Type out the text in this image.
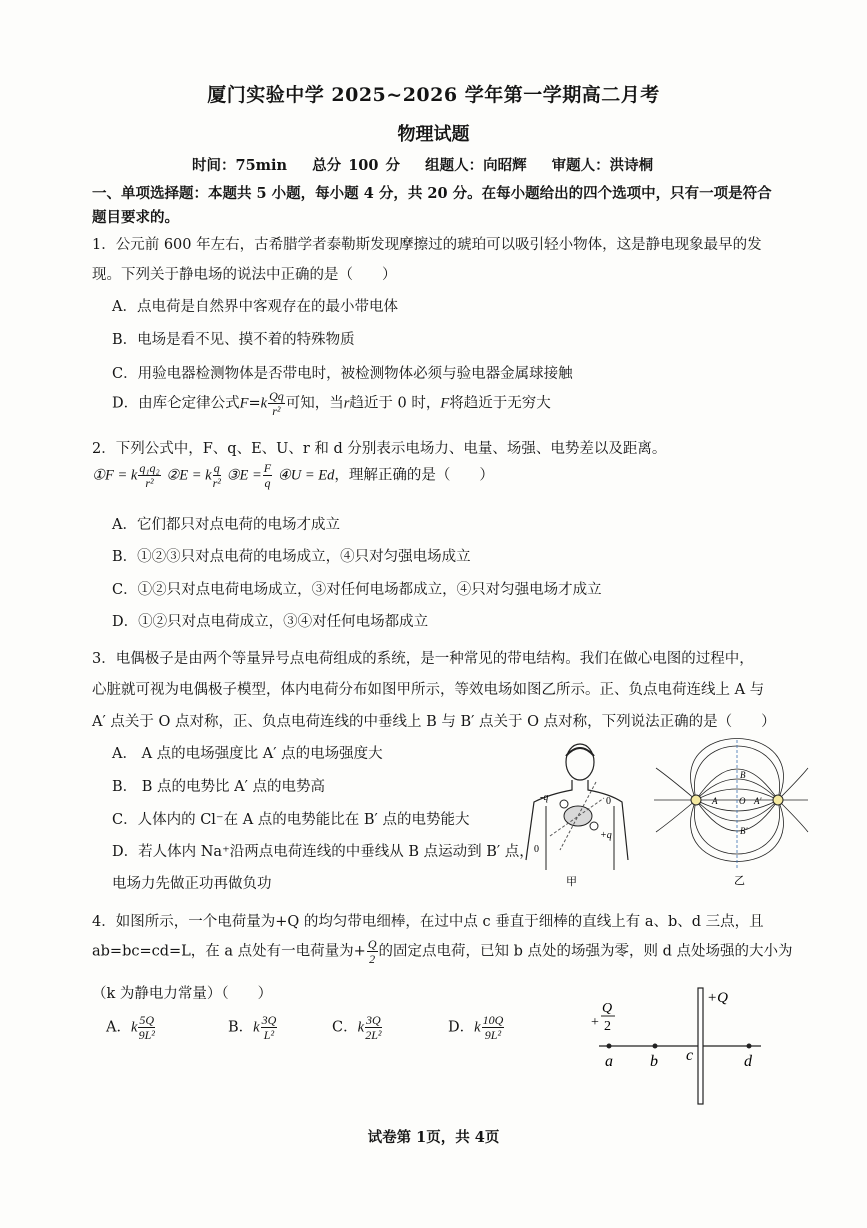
厦门实验中学 2025~2026 学年第一学期高二月考
物理试题
时间：75min 总分 100 分 组题人：向昭辉 审题人：洪诗桐
一、单项选择题：本题共 5 小题，每小题 4 分，共 20 分。在每小题给出的四个选项中，只有一项是符合
题目要求的。
1．公元前 600 年左右，古希腊学者泰勒斯发现摩擦过的琥珀可以吸引轻小物体，这是静电现象最早的发
现。下列关于静电场的说法中正确的是（　　）
A．点电荷是自然界中客观存在的最小带电体
B．电场是看不见、摸不着的特殊物质
C．用验电器检测物体是否带电时，被检测物体必须与验电器金属球接触
D．由库仑定律公式$F=k \frac{Qq}{\text{r²}}$ 可知，当r趋近于 0 时，F将趋近于无穷大
2．下列公式中，F、q、E、U、r 和 d 分别表示电场力、电量、场强、电势差以及距离。
①F = k $\frac{\text{q₁q₂}}{\text{r²}}$ ②E = k $\frac{q}{\text{r²}}$ ③E = $\frac{F}{q}$ ④U = Ed，理解正确的是（　　）
A．它们都只对点电荷的电场才成立
B．①②③只对点电荷的电场成立，④只对匀强电场成立
C．①②只对点电荷电场成立，③对任何电场都成立，④只对匀强电场才成立
D．①②只对点电荷成立，③④对任何电场都成立
3．电偶极子是由两个等量异号点电荷组成的系统，是一种常见的带电结构。我们在做心电图的过程中，
心脏就可视为电偶极子模型，体内电荷分布如图甲所示，等效电场如图乙所示。正、负点电荷连线上 A 与
A′ 点关于 O 点对称，正、负点电荷连线的中垂线上 B 与 B′ 点关于 O 点对称，下列说法正确的是（　　）
A． A 点的电场强度比 A′ 点的电场强度大
B． B 点的电势比 A′ 点的电势高
C．人体内的 Cl⁻在 A 点的电势能比在 B′ 点的电势能大
D．若人体内 Na⁺沿两点电荷连线的中垂线从 B 点运动到 B′ 点，
电场力先做正功再做负功
0
0
-q
+q
甲
A	A′
O
B
B′
乙
4．如图所示，一个电荷量为+Q 的均匀带电细棒，在过中点 c 垂直于细棒的直线上有 a、b、d 三点，且
ab=bc=cd=L，在 a 点处有一电荷量为+ $\frac{Q}{2}$ 的固定点电荷，已知 b 点处的场强为零，则 d 点处场强的大小为
（k 为静电力常量）（　　）
A．k $\frac{5Q}{\text{9L²}}$	B．k $\frac{3Q}{\text{L²}}$	C．k $\frac{3Q}{\text{2L²}}$	D．k $\frac{10Q}{\text{9L²}}$
+Q
+
Q
2
a b c	d
试卷第 1页，共 4页
